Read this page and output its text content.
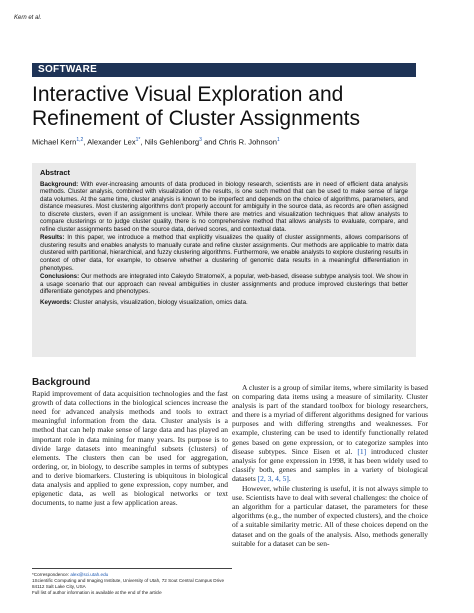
Kern et al.
SOFTWARE
Interactive Visual Exploration and Refinement of Cluster Assignments
Michael Kern$^{1,2}$, Alexander Lex$^{1*}$, Nils Gehlenborg$^3$ and Chris R. Johnson$^1$
Abstract

Background: With ever-increasing amounts of data produced in biology research, scientists are in need of efficient data analysis methods. Cluster analysis, combined with visualization of the results, is one such method that can be used to make sense of large data volumes. At the same time, cluster analysis is known to be imperfect and depends on the choice of algorithms, parameters, and distance measures. Most clustering algorithms don't properly account for ambiguity in the source data, as records are often assigned to discrete clusters, even if an assignment is unclear. While there are metrics and visualization techniques that allow analysts to compare clusterings or to judge cluster quality, there is no comprehensive method that allows analysts to evaluate, compare, and refine cluster assignments based on the source data, derived scores, and contextual data.

Results: In this paper, we introduce a method that explicitly visualizes the quality of cluster assignments, allows comparisons of clustering results and enables analysts to manually curate and refine cluster assignments. Our methods are applicable to matrix data clustered with partitional, hierarchical, and fuzzy clustering algorithms. Furthermore, we enable analysts to explore clustering results in context of other data, for example, to observe whether a clustering of genomic data results in a meaningful differentiation in phenotypes.

Conclusions: Our methods are integrated into Caleydo StratomeX, a popular, web-based, disease subtype analysis tool. We show in a usage scenario that our approach can reveal ambiguities in cluster assignments and produce improved clusterings that better differentiate genotypes and phenotypes.

Keywords: Cluster analysis, visualization, biology visualization, omics data.

Background

Rapid improvement of data acquisition technologies and the fast growth of data collections in the biological sciences increase the need for advanced analysis methods and tools to extract meaningful information from the data. Cluster analysis is a method that can help make sense of large data and has played an important role in data mining for many years. Its purpose is to divide large datasets into meaningful subsets (clusters) of elements. The clusters then can be used for aggregation, ordering, or, in biology, to describe samples in terms of subtypes and to derive biomarkers. Clustering is ubiquitous in biological data analysis and applied to gene expression, copy number, and epigenetic data, as well as biological networks or text documents, to name just a few application areas.

A cluster is a group of similar items, where similarity is based on comparing data items using a measure of similarity. Cluster analysis is part of the standard toolbox for biology researchers, and there is a myriad of different algorithms designed for various purposes and with differing strengths and weaknesses. For example, clustering can be used to identify functionally related genes based on gene expression, or to categorize samples into disease subtypes. Since Eisen et al. [1] introduced cluster analysis for gene expression in 1998, it has been widely used to classify both, genes and samples in a variety of biological datasets [2, 3, 4, 5].

However, while clustering is useful, it is not always simple to use. Scientists have to deal with several challenges: the choice of an algorithm for a particular dataset, the parameters for these algorithms (e.g., the number of expected clusters), and the choice of a suitable similarity metric. All of these choices depend on the dataset and on the goals of the analysis. Also, methods generally suitable for a dataset can be sen-

*Correspondence: alex@sci.utah.edu
1Scientific Computing and Imaging Institute, University of Utah, 72 Sout Central Campus Drive 84112 Salt Lake City, USA
Full list of author information is available at the end of the article
